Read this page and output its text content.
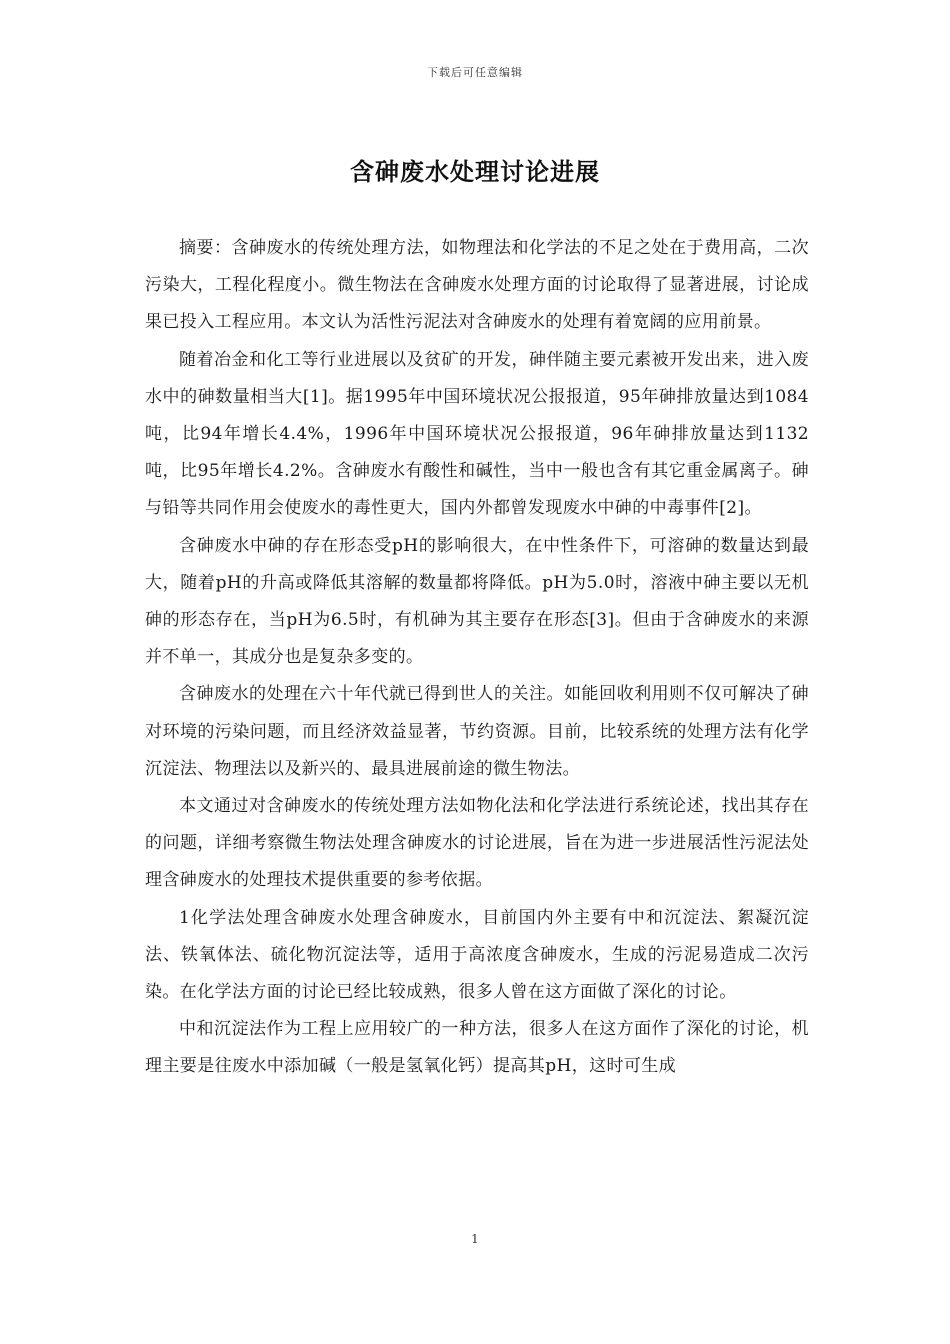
下载后可任意编辑
含砷废水处理讨论进展

摘要：含砷废水的传统处理方法，如物理法和化学法的不足之处在于费用高，二次污染大，工程化程度小。微生物法在含砷废水处理方面的讨论取得了显著进展，讨论成果已投入工程应用。本文认为活性污泥法对含砷废水的处理有着宽阔的应用前景。

随着冶金和化工等行业进展以及贫矿的开发，砷伴随主要元素被开发出来，进入废水中的砷数量相当大[1]。据1995年中国环境状况公报报道，95年砷排放量达到1084吨，比94年增长4.4%，1996年中国环境状况公报报道，96年砷排放量达到1132吨，比95年增长4.2%。含砷废水有酸性和碱性，当中一般也含有其它重金属离子。砷与铅等共同作用会使废水的毒性更大，国内外都曾发现废水中砷的中毒事件[2]。

含砷废水中砷的存在形态受pH的影响很大，在中性条件下，可溶砷的数量达到最大，随着pH的升高或降低其溶解的数量都将降低。pH为5.0时，溶液中砷主要以无机砷的形态存在，当pH为6.5时，有机砷为其主要存在形态[3]。但由于含砷废水的来源并不单一，其成分也是复杂多变的。

含砷废水的处理在六十年代就已得到世人的关注。如能回收利用则不仅可解决了砷对环境的污染问题，而且经济效益显著，节约资源。目前，比较系统的处理方法有化学沉淀法、物理法以及新兴的、最具进展前途的微生物法。

本文通过对含砷废水的传统处理方法如物化法和化学法进行系统论述，找出其存在的问题，详细考察微生物法处理含砷废水的讨论进展，旨在为进一步进展活性污泥法处理含砷废水的处理技术提供重要的参考依据。

1化学法处理含砷废水处理含砷废水，目前国内外主要有中和沉淀法、絮凝沉淀法、铁氧体法、硫化物沉淀法等，适用于高浓度含砷废水，生成的污泥易造成二次污染。在化学法方面的讨论已经比较成熟，很多人曾在这方面做了深化的讨论。

中和沉淀法作为工程上应用较广的一种方法，很多人在这方面作了深化的讨论，机理主要是往废水中添加碱（一般是氢氧化钙）提高其pH，这时可生成

1
